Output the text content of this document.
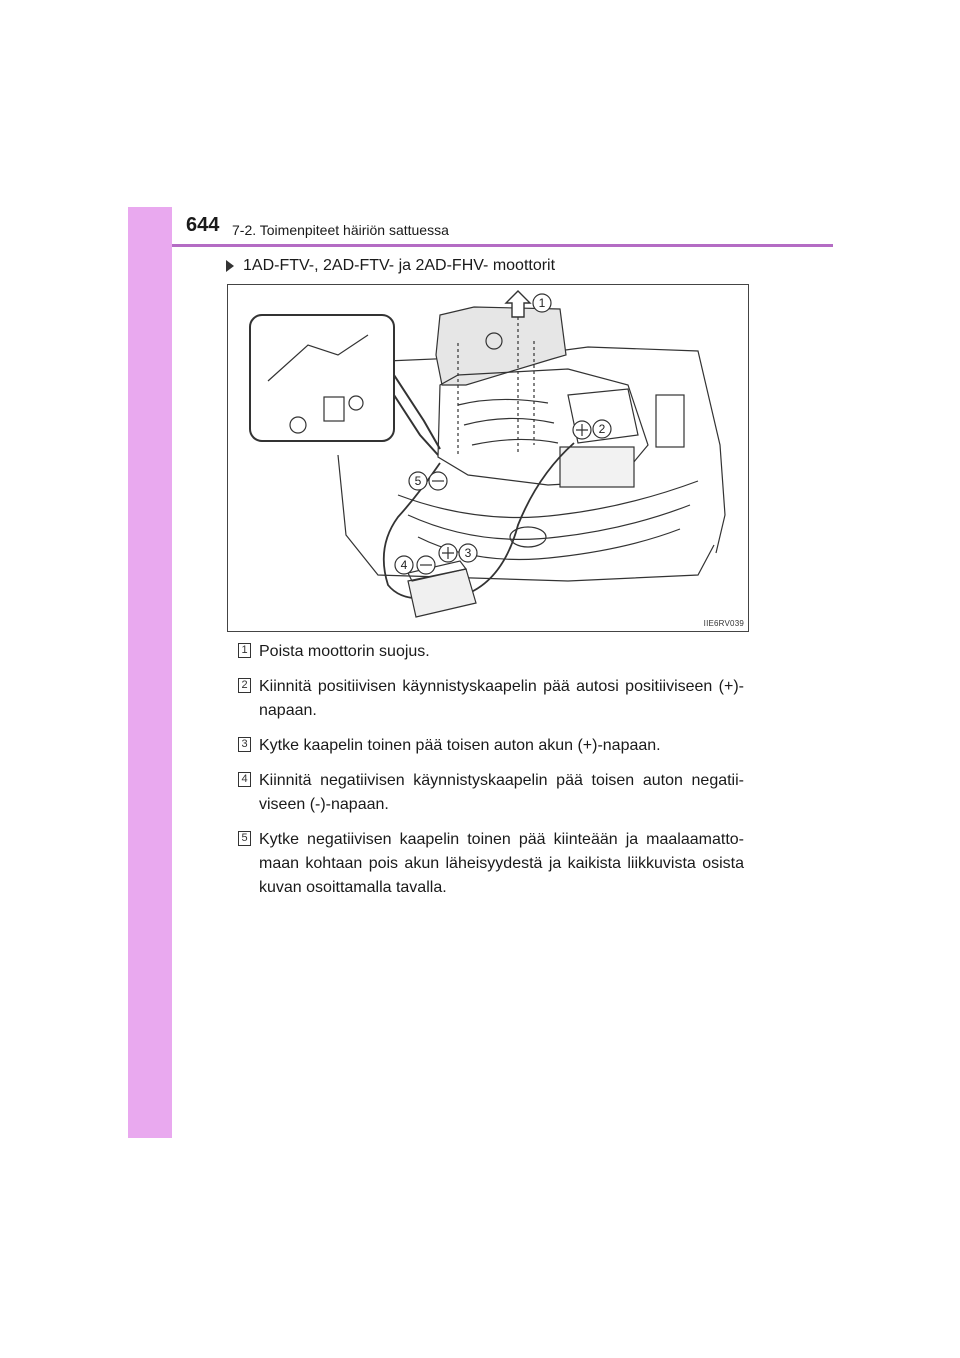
644 7-2. Toimenpiteet häiriön sattuessa
1AD-FTV-, 2AD-FTV- ja 2AD-FHV- moottorit
1
2
3
4
5
IIE6RV039
1 Poista moottorin suojus.
2 Kiinnitä positiivisen käynnistyskaapelin pää autosi positiiviseen (+)-napaan.
3 Kytke kaapelin toinen pää toisen auton akun (+)-napaan.
4 Kiinnitä negatiivisen käynnistyskaapelin pää toisen auton negatii-viseen (-)-napaan.
5 Kytke negatiivisen kaapelin toinen pää kiinteään ja maalaamatto-maan kohtaan pois akun läheisyydestä ja kaikista liikkuvista osista kuvan osoittamalla tavalla.
